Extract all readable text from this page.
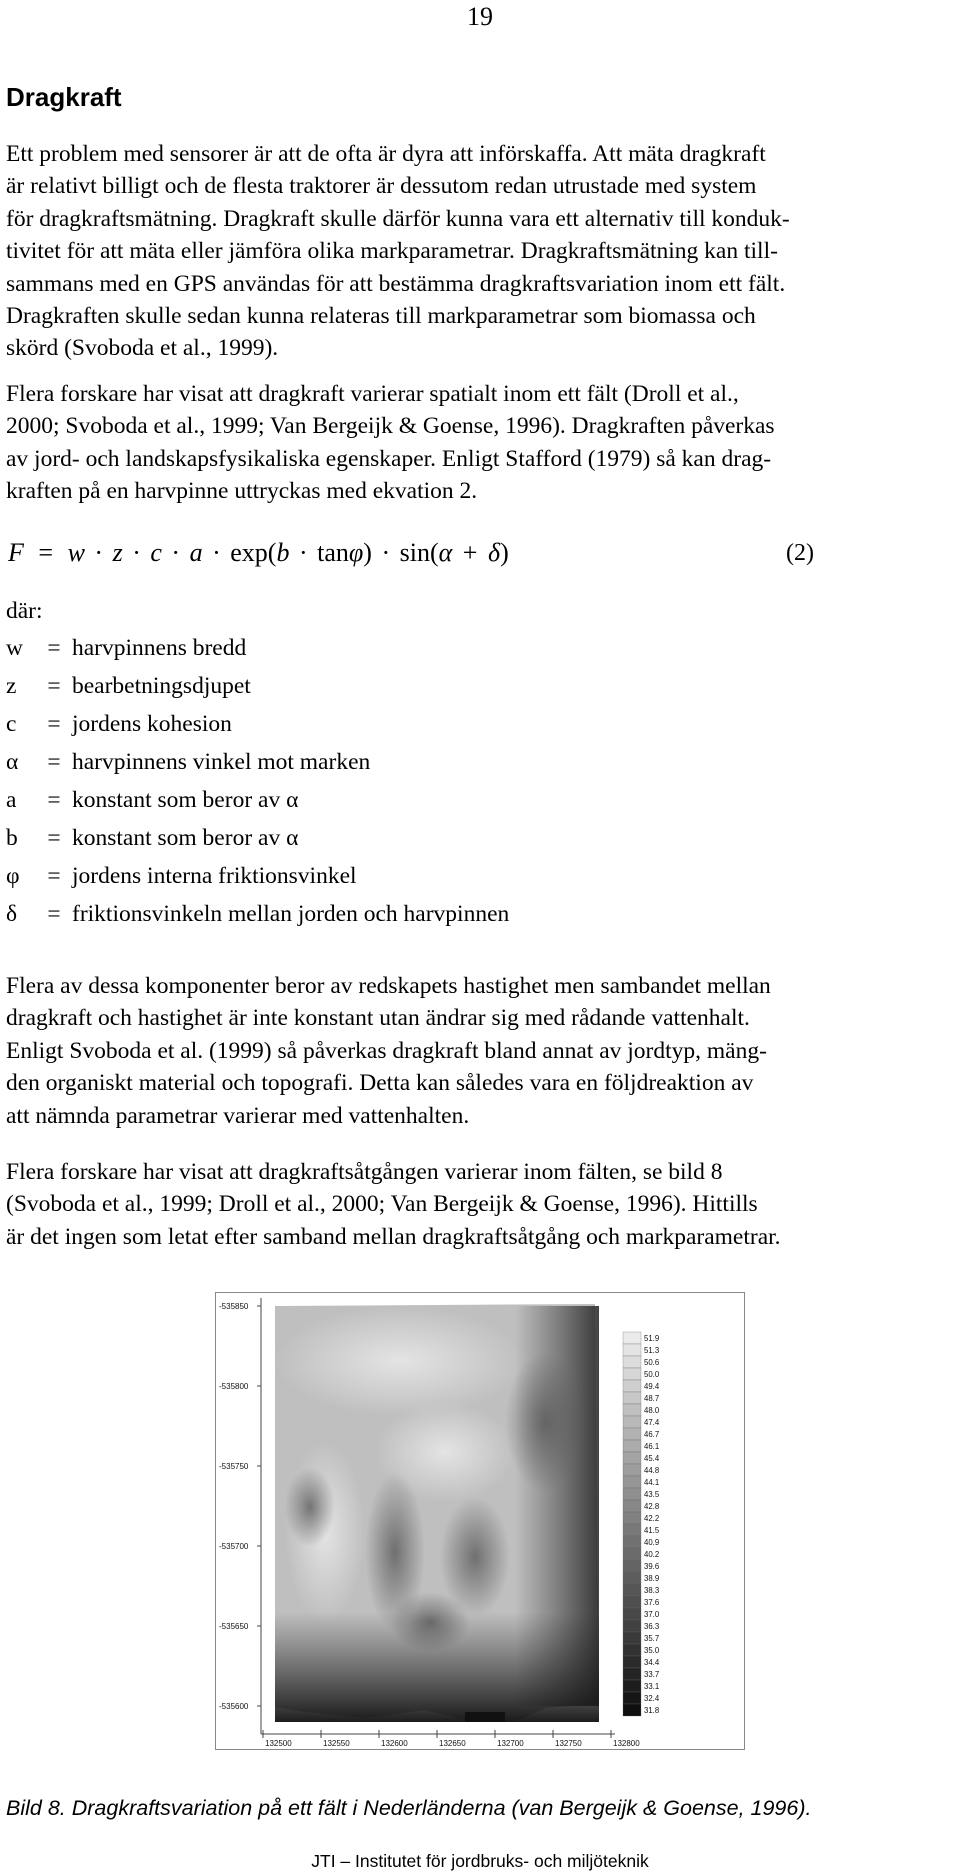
19
Dragkraft
Ett problem med sensorer är att de ofta är dyra att införskaffa. Att mäta dragkraft
är relativt billigt och de flesta traktorer är dessutom redan utrustade med system
för dragkraftsmätning. Dragkraft skulle därför kunna vara ett alternativ till konduk-
tivitet för att mäta eller jämföra olika markparametrar. Dragkraftsmätning kan till-
sammans med en GPS användas för att bestämma dragkraftsvariation inom ett fält.
Dragkraften skulle sedan kunna relateras till markparametrar som biomassa och
skörd (Svoboda et al., 1999).
Flera forskare har visat att dragkraft varierar spatialt inom ett fält (Droll et al.,
2000; Svoboda et al., 1999; Van Bergeijk & Goense, 1996). Dragkraften påverkas
av jord- och landskapsfysikaliska egenskaper. Enligt Stafford (1979) så kan drag-
kraften på en harvpinne uttryckas med ekvation 2.
F = w · z · c · a · exp(b · tanφ) · sin(α + δ)	(2)
där:
w	= harvpinnens bredd
z	= bearbetningsdjupet
c	= jordens kohesion
α	= harvpinnens vinkel mot marken
a	= konstant som beror av α
b	= konstant som beror av α
φ	= jordens interna friktionsvinkel
δ	= friktionsvinkeln mellan jorden och harvpinnen
Flera av dessa komponenter beror av redskapets hastighet men sambandet mellan
dragkraft och hastighet är inte konstant utan ändrar sig med rådande vattenhalt.
Enligt Svoboda et al. (1999) så påverkas dragkraft bland annat av jordtyp, mäng-
den organiskt material och topografi. Detta kan således vara en följdreaktion av
att nämnda parametrar varierar med vattenhalten.
Flera forskare har visat att dragkraftsåtgången varierar inom fälten, se bild 8
(Svoboda et al., 1999; Droll et al., 2000; Van Bergeijk & Goense, 1996). Hittills
är det ingen som letat efter samband mellan dragkraftsåtgång och markparametrar.
-535850
-535800
-535750
-535700
-535650
-535600
132500	132550	132600	132650	132700	132750	132800
51.9
51.3
50.6
50.0
49.4
48.7
48.0
47.4
46.7
46.1
45.4
44.8
44.1
43.5
42.8
42.2
41.5
40.9
40.2
39.6
38.9
38.3
37.6
37.0
36.3
35.7
35.0
34.4
33.7
33.1
32.4
31.8
Bild 8. Dragkraftsvariation på ett fält i Nederländerna (van Bergeijk & Goense, 1996).
JTI – Institutet för jordbruks- och miljöteknik
